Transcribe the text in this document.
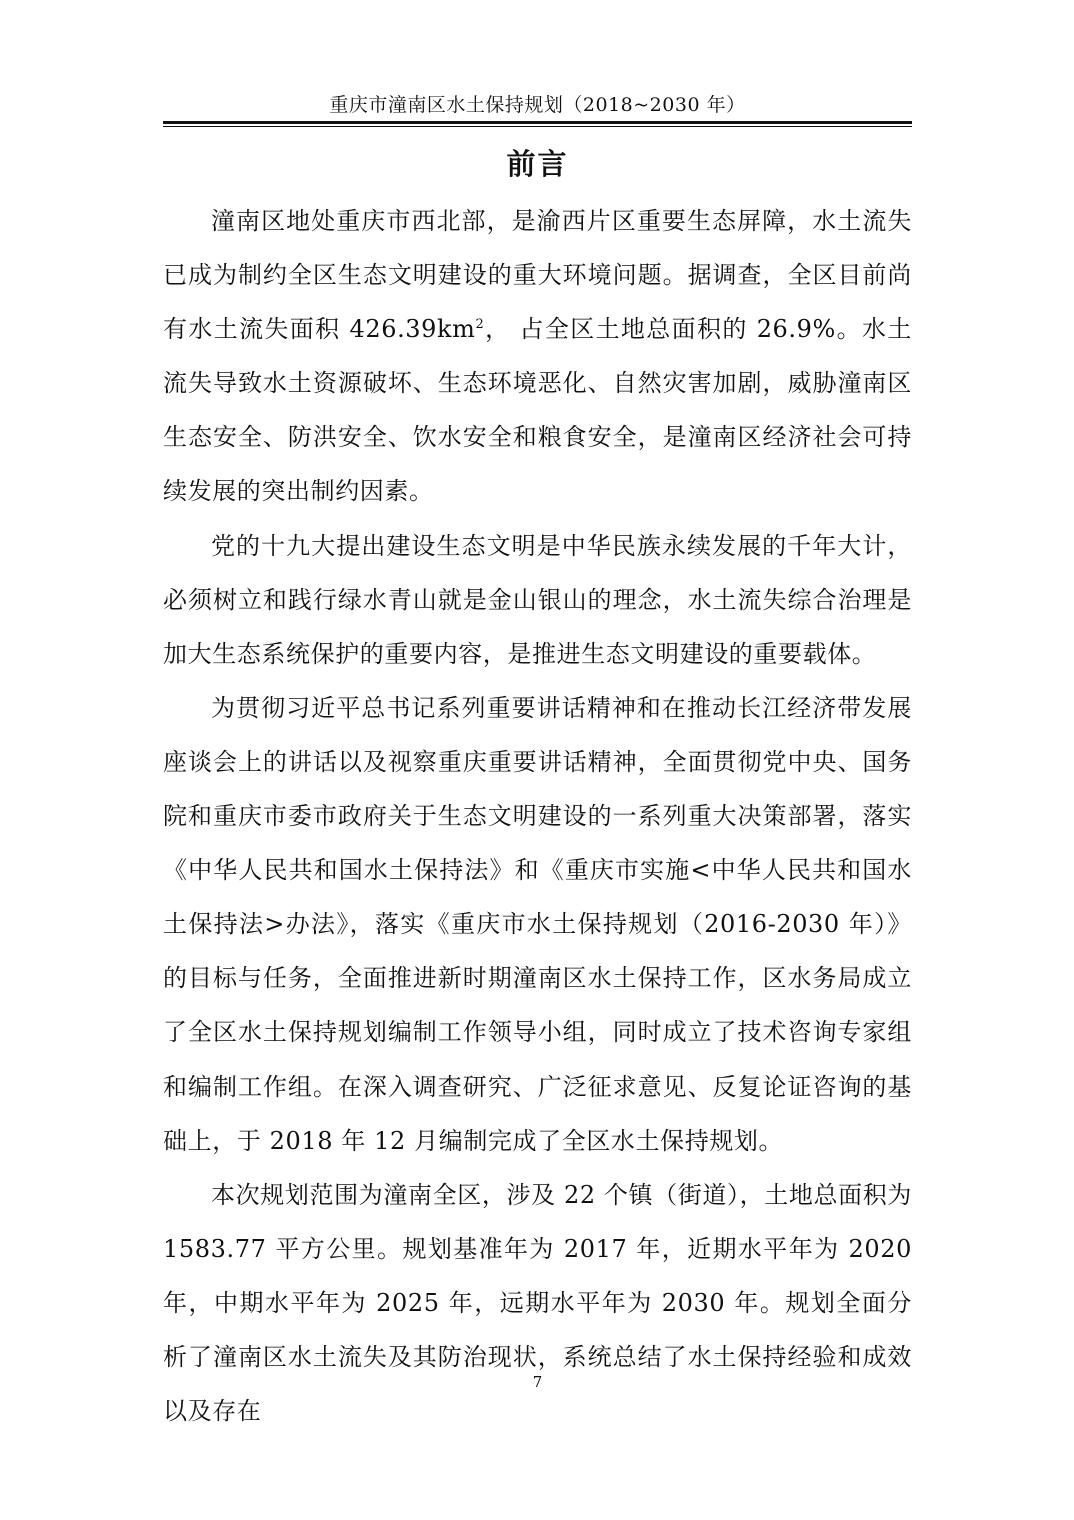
重庆市潼南区水土保持规划（2018~2030 年）
前言

潼南区地处重庆市西北部，是渝西片区重要生态屏障，水土流失已成为制约全区生态文明建设的重大环境问题。据调查，全区目前尚有水土流失面积 $426.39km^2$， 占全区土地总面积的 26.9%。水土流失导致水土资源破坏、生态环境恶化、自然灾害加剧，威胁潼南区生态安全、防洪安全、饮水安全和粮食安全，是潼南区经济社会可持续发展的突出制约因素。

党的十九大提出建设生态文明是中华民族永续发展的千年大计，必须树立和践行绿水青山就是金山银山的理念，水土流失综合治理是加大生态系统保护的重要内容，是推进生态文明建设的重要载体。

为贯彻习近平总书记系列重要讲话精神和在推动长江经济带发展座谈会上的讲话以及视察重庆重要讲话精神，全面贯彻党中央、国务院和重庆市委市政府关于生态文明建设的一系列重大决策部署，落实《中华人民共和国水土保持法》和《重庆市实施<中华人民共和国水土保持法>办法》，落实《重庆市水土保持规划（2016-2030 年）》的目标与任务，全面推进新时期潼南区水土保持工作，区水务局成立了全区水土保持规划编制工作领导小组，同时成立了技术咨询专家组和编制工作组。在深入调查研究、广泛征求意见、反复论证咨询的基础上，于 2018 年 12 月编制完成了全区水土保持规划。

本次规划范围为潼南全区，涉及 22 个镇（街道），土地总面积为 1583.77 平方公里。规划基准年为 2017 年，近期水平年为 2020 年，中期水平年为 2025 年，远期水平年为 2030 年。规划全面分析了潼南区水土流失及其防治现状，系统总结了水土保持经验和成效以及存在

7
